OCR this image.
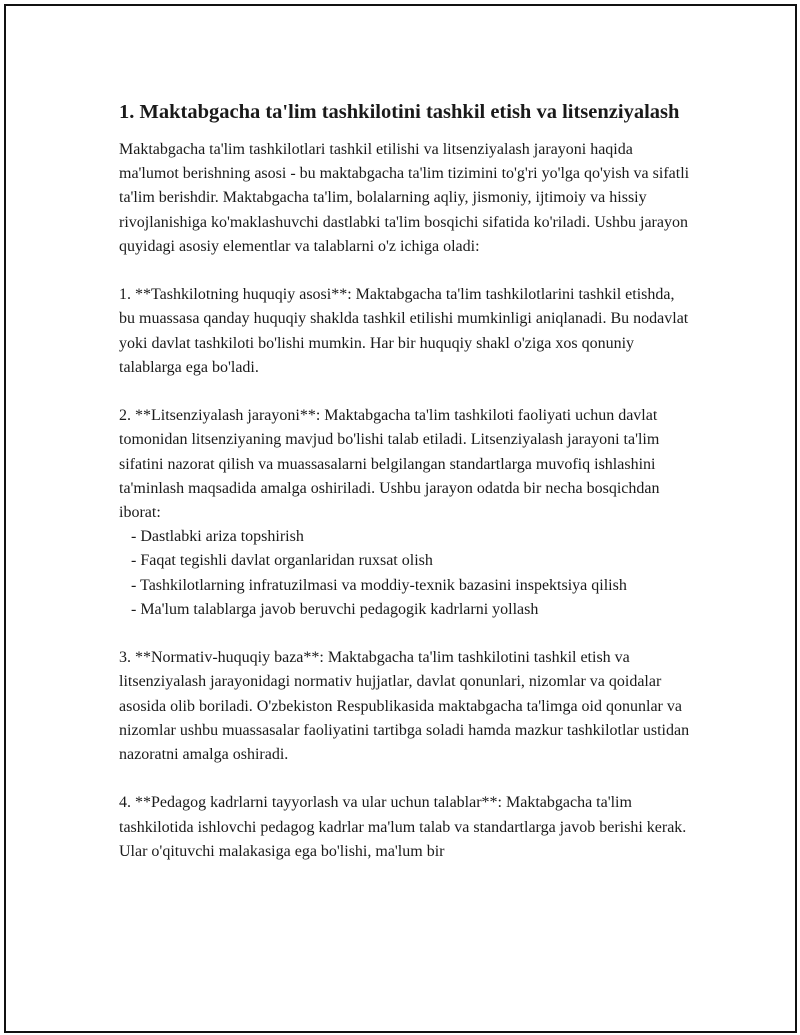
1. Maktabgacha ta'lim tashkilotini tashkil etish va litsenziyalash

Maktabgacha ta'lim tashkilotlari tashkil etilishi va litsenziyalash jarayoni haqida ma'lumot berishning asosi - bu maktabgacha ta'lim tizimini to'g'ri yo'lga qo'yish va sifatli ta'lim berishdir. Maktabgacha ta'lim, bolalarning aqliy, jismoniy, ijtimoiy va hissiy rivojlanishiga ko'maklashuvchi dastlabki ta'lim bosqichi sifatida ko'riladi. Ushbu jarayon quyidagi asosiy elementlar va talablarni o'z ichiga oladi:

1. **Tashkilotning huquqiy asosi**: Maktabgacha ta'lim tashkilotlarini tashkil etishda, bu muassasa qanday huquqiy shaklda tashkil etilishi mumkinligi aniqlanadi. Bu nodavlat yoki davlat tashkiloti bo'lishi mumkin. Har bir huquqiy shakl o'ziga xos qonuniy talablarga ega bo'ladi.

2. **Litsenziyalash jarayoni**: Maktabgacha ta'lim tashkiloti faoliyati uchun davlat tomonidan litsenziyaning mavjud bo'lishi talab etiladi. Litsenziyalash jarayoni ta'lim sifatini nazorat qilish va muassasalarni belgilangan standartlarga muvofiq ishlashini ta'minlash maqsadida amalga oshiriladi. Ushbu jarayon odatda bir necha bosqichdan iborat:

- Dastlabki ariza topshirish

- Faqat tegishli davlat organlaridan ruxsat olish

- Tashkilotlarning infratuzilmasi va moddiy-texnik bazasini inspektsiya qilish

- Ma'lum talablarga javob beruvchi pedagogik kadrlarni yollash

3. **Normativ-huquqiy baza**: Maktabgacha ta'lim tashkilotini tashkil etish va litsenziyalash jarayonidagi normativ hujjatlar, davlat qonunlari, nizomlar va qoidalar asosida olib boriladi. O'zbekiston Respublikasida maktabgacha ta'limga oid qonunlar va nizomlar ushbu muassasalar faoliyatini tartibga soladi hamda mazkur tashkilotlar ustidan nazoratni amalga oshiradi.

4. **Pedagog kadrlarni tayyorlash va ular uchun talablar**: Maktabgacha ta'lim tashkilotida ishlovchi pedagog kadrlar ma'lum talab va standartlarga javob berishi kerak. Ular o'qituvchi malakasiga ega bo'lishi, ma'lum bir
